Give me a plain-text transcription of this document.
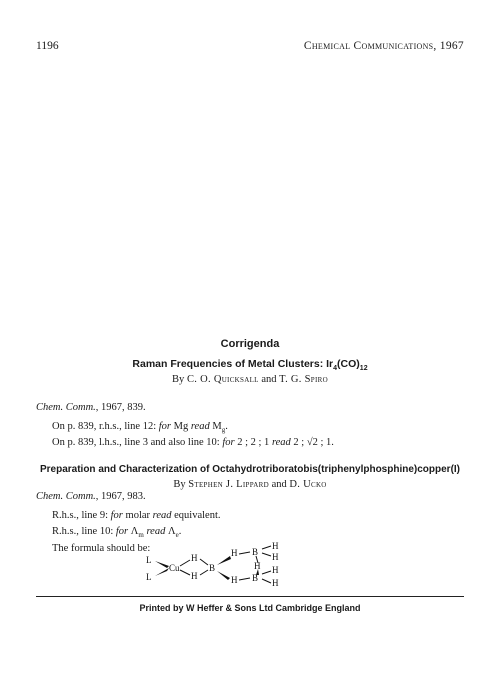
1196	Chemical Communications, 1967
Corrigenda
Raman Frequencies of Metal Clusters: $Ir_4(CO)_{12}$
By C. O. Quicksall and T. G. Spiro
Chem. Comm., 1967, 839.
On p. 839, r.h.s., line 12: for Mg read $M_g$.
On p. 839, l.h.s., line 3 and also line 10: for 2 ; 2 ; 1 read 2 ; √2 ; 1.
Preparation and Characterization of Octahydrotriboratobis(triphenylphosphine)copper(I)
By Stephen J. Lippard and D. Ucko
Chem. Comm., 1967, 983.
R.h.s., line 9: for molar read equivalent.
R.h.s., line 10: for $\Lambda_m$ read $\Lambda_e$.
The formula should be:
L
L
Cu
H
H
B
H
H
B
B
H
H
H H
H
Printed by W Heffer & Sons Ltd Cambridge England
